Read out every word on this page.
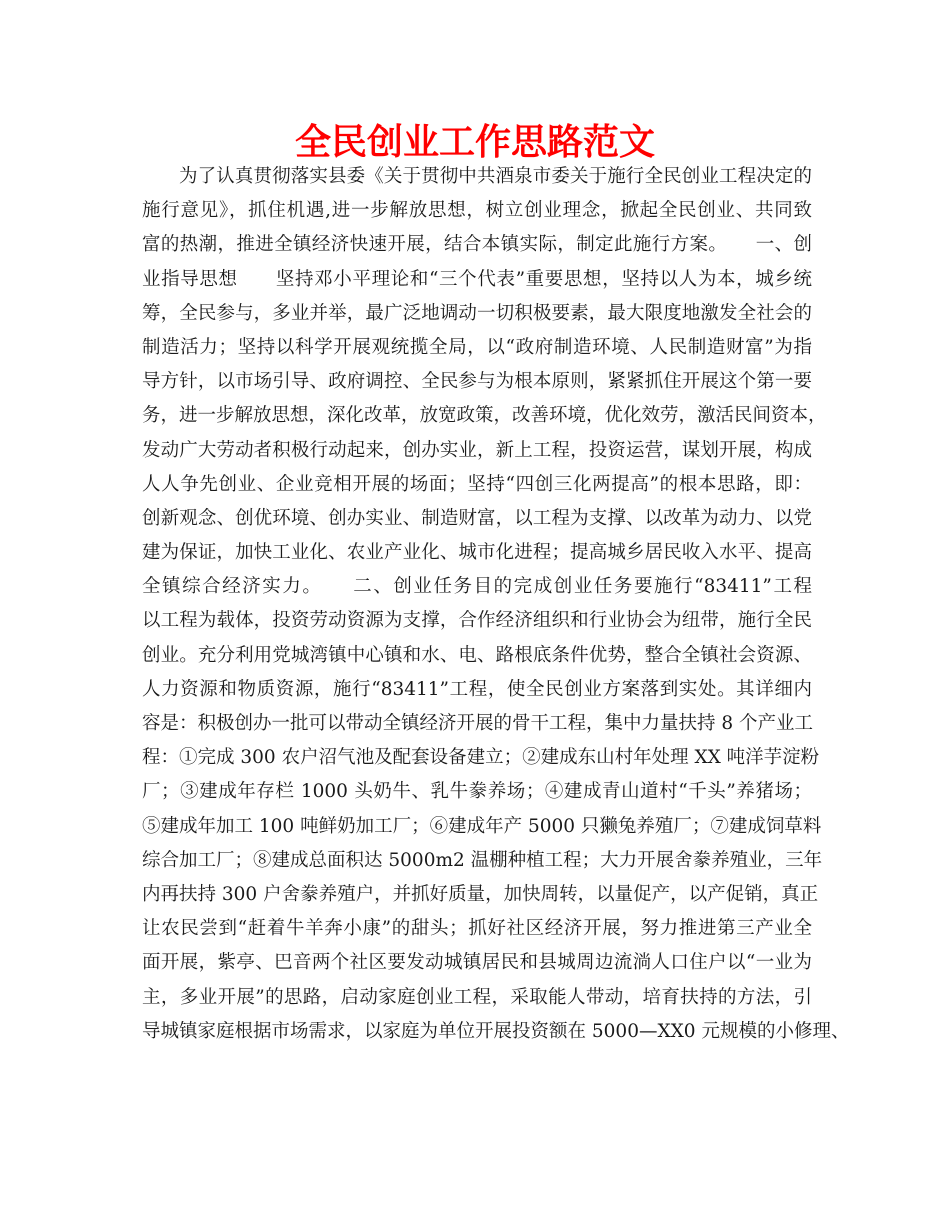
全民创业工作思路范文
为了认真贯彻落实县委《关于贯彻中共酒泉市委关于施行全民创业工程决定的
施行意见》，抓住机遇,进一步解放思想，树立创业理念，掀起全民创业、共同致
富的热潮，推进全镇经济快速开展，结合本镇实际，制定此施行方案。　　一、创
业指导思想　　坚持邓小平理论和“三个代表”重要思想，坚持以人为本，城乡统
筹，全民参与，多业并举，最广泛地调动一切积极要素，最大限度地激发全社会的
制造活力；坚持以科学开展观统揽全局，以“政府制造环境、人民制造财富”为指
导方针，以市场引导、政府调控、全民参与为根本原则，紧紧抓住开展这个第一要
务，进一步解放思想，深化改革，放宽政策，改善环境，优化效劳，激活民间资本，
发动广大劳动者积极行动起来，创办实业，新上工程，投资运营，谋划开展，构成
人人争先创业、企业竞相开展的场面；坚持“四创三化两提高”的根本思路，即：
创新观念、创优环境、创办实业、制造财富，以工程为支撑、以改革为动力、以党
建为保证，加快工业化、农业产业化、城市化进程；提高城乡居民收入水平、提高
全镇综合经济实力。　　二、创业任务目的完成创业任务要施行“83411”工程
以工程为载体，投资劳动资源为支撑，合作经济组织和行业协会为纽带，施行全民
创业。充分利用党城湾镇中心镇和水、电、路根底条件优势，整合全镇社会资源、
人力资源和物质资源，施行“83411”工程，使全民创业方案落到实处。其详细内
容是：积极创办一批可以带动全镇经济开展的骨干工程，集中力量扶持 8 个产业工
程：①完成 300 农户沼气池及配套设备建立；②建成东山村年处理 XX 吨洋芋淀粉
厂；③建成年存栏 1000 头奶牛、乳牛豢养场；④建成青山道村“千头”养猪场；
⑤建成年加工 100 吨鲜奶加工厂；⑥建成年产 5000 只獭兔养殖厂；⑦建成饲草料
综合加工厂；⑧建成总面积达 5000m2 温棚种植工程；大力开展舍豢养殖业，三年
内再扶持 300 户舍豢养殖户，并抓好质量，加快周转，以量促产，以产促销，真正
让农民尝到“赶着牛羊奔小康”的甜头；抓好社区经济开展，努力推进第三产业全
面开展，紫亭、巴音两个社区要发动城镇居民和县城周边流淌人口住户以“一业为
主，多业开展”的思路，启动家庭创业工程，采取能人带动，培育扶持的方法，引
导城镇家庭根据市场需求，以家庭为单位开展投资额在 5000—XX0 元规模的小修理、
